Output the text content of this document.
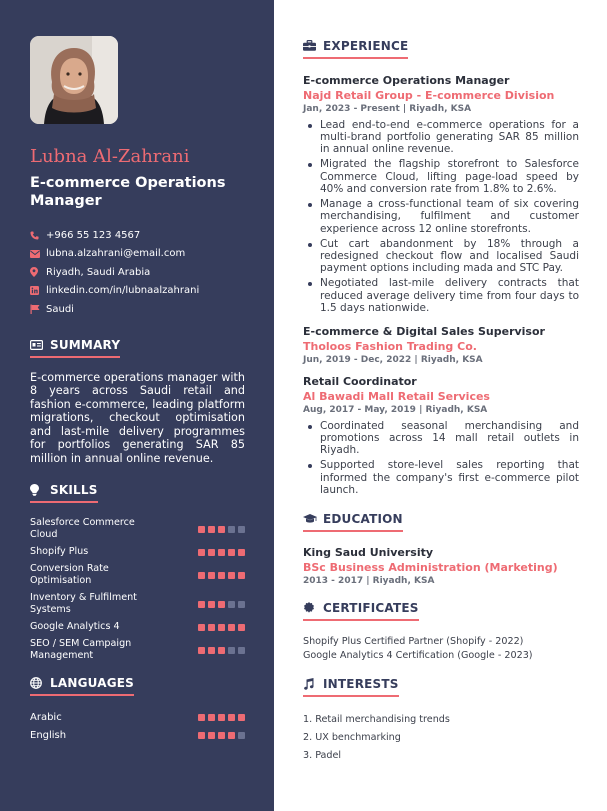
Lubna Al-Zahrani
E-commerce Operations Manager
+966 55 123 4567
lubna.alzahrani@email.com
Riyadh, Saudi Arabia
linkedin.com/in/lubnaalzahrani
Saudi
SUMMARY

E-commerce operations manager with 8 years across Saudi retail and fashion e-commerce, leading platform migrations, checkout optimisation and last-mile delivery programmes for portfolios generating SAR 85 million in annual online revenue.

SKILLS
Salesforce Commerce Cloud
Shopify Plus
Conversion Rate Optimisation
Inventory & Fulfilment Systems
Google Analytics 4
SEO / SEM Campaign Management
LANGUAGES
Arabic
English
EXPERIENCE
E-commerce Operations Manager
Najd Retail Group - E-commerce Division
Jan, 2023 - Present | Riyadh, KSA
Lead end-to-end e-commerce operations for a multi-brand portfolio generating SAR 85 million in annual online revenue.
Migrated the flagship storefront to Salesforce Commerce Cloud, lifting page-load speed by 40% and conversion rate from 1.8% to 2.6%.
Manage a cross-functional team of six covering merchandising, fulfilment and customer experience across 12 online storefronts.
Cut cart abandonment by 18% through a redesigned checkout flow and localised Saudi payment options including mada and STC Pay.
Negotiated last-mile delivery contracts that reduced average delivery time from four days to 1.5 days nationwide.
E-commerce & Digital Sales Supervisor
Tholoos Fashion Trading Co.
Jun, 2019 - Dec, 2022 | Riyadh, KSA
Retail Coordinator
Al Bawadi Mall Retail Services
Aug, 2017 - May, 2019 | Riyadh, KSA
Coordinated seasonal merchandising and promotions across 14 mall retail outlets in Riyadh.
Supported store-level sales reporting that informed the company's first e-commerce pilot launch.
EDUCATION
King Saud University
BSc Business Administration (Marketing)
2013 - 2017 | Riyadh, KSA
CERTIFICATES
Shopify Plus Certified Partner (Shopify - 2022)
Google Analytics 4 Certification (Google - 2023)
INTERESTS
1. Retail merchandising trends
2. UX benchmarking
3. Padel
